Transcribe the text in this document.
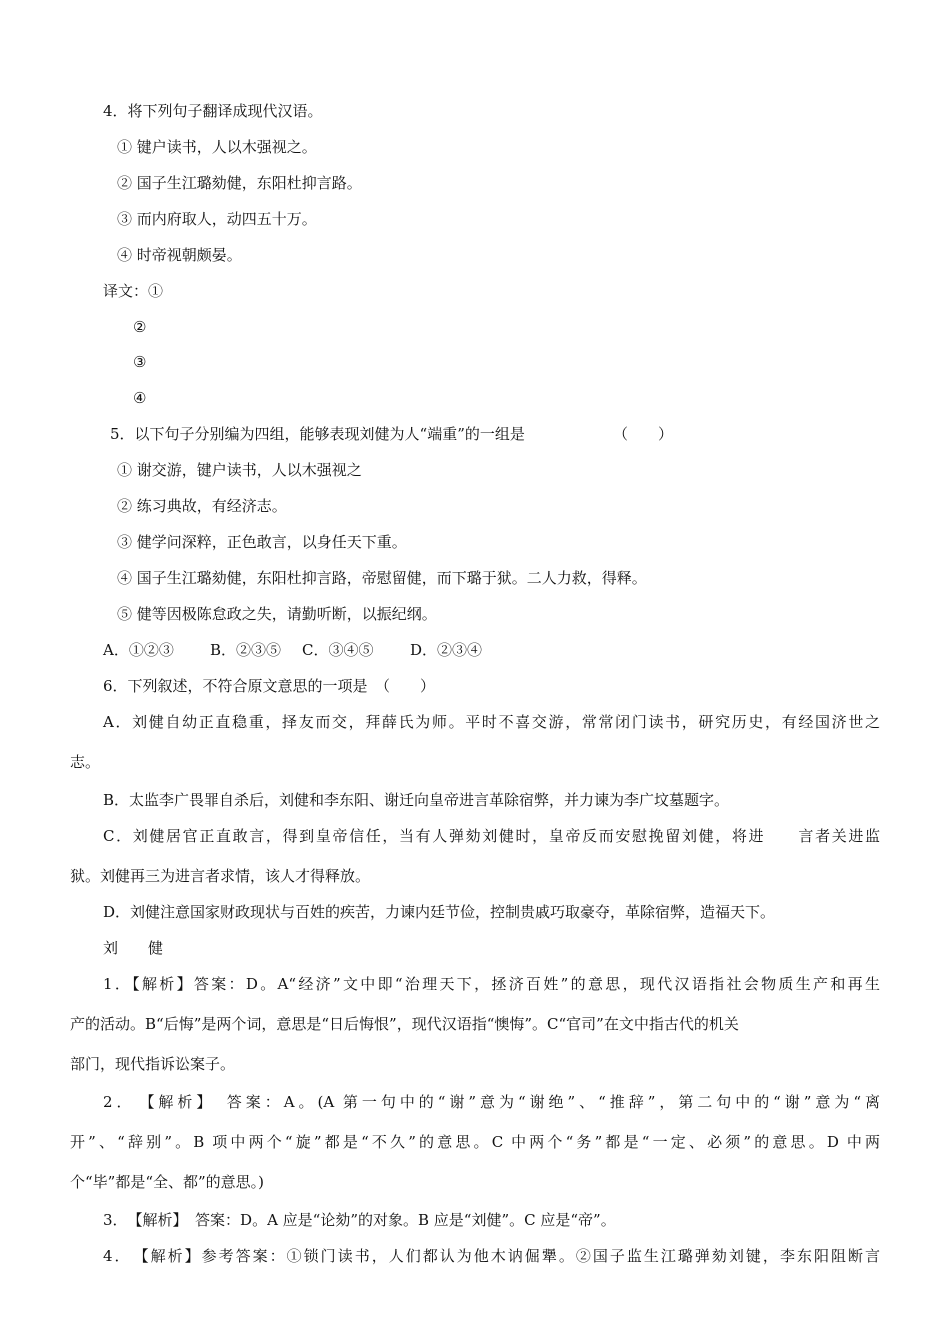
4．将下列句子翻译成现代汉语。
① 键户读书，人以木强视之。
② 国子生江璐劾健，东阳杜抑言路。
③ 而内府取人，动四五十万。
④ 时帝视朝颇晏。
译文：①
②
③
④
5．以下句子分别编为四组，能够表现刘健为人“端重”的一组是	（　　）
① 谢交游，键户读书，人以木强视之
② 练习典故，有经济志。
③ 健学问深粹，正色敢言，以身任天下重。
④ 国子生江璐劾健，东阳杜抑言路，帝慰留健，而下璐于狱。二人力救，得释。
⑤ 健等因极陈怠政之失，请勤听断，以振纪纲。
A．①②③ B．②③⑤ C．③④⑤ D．②③④
6．下列叙述，不符合原文意思的一项是　（　　）
A．刘健自幼正直稳重，择友而交，拜薛氏为师。平时不喜交游，常常闭门读书，研究历史，有经国济世之
志。
B．太监李广畏罪自杀后，刘健和李东阳、谢迁向皇帝进言革除宿弊，并力谏为李广坟墓题字。
C．刘健居官正直敢言，得到皇帝信任，当有人弹劾刘健时，皇帝反而安慰挽留刘健，将进　　言者关进监
狱。刘健再三为进言者求情，该人才得释放。
D．刘健注意国家财政现状与百姓的疾苦，力谏内廷节俭，控制贵戚巧取豪夺，革除宿弊，造福天下。
刘　　健
1．【解析】答案：D。A“经济”文中即“治理天下，拯济百姓”的意思，现代汉语指社会物质生产和再生
产的活动。B“后悔”是两个词，意思是“日后悔恨”，现代汉语指“懊悔”。C“官司”在文中指古代的机关
部门，现代指诉讼案子。
2．　【解析】　答案：A。(A 第一句中的“谢”意为“谢绝”、“推辞”，第二句中的“谢”意为“离
开”、“辞别”。B 项中两个“旋”都是“不久”的意思。C 中两个“务”都是“一定、必须”的意思。D 中两
个“毕”都是“全、都”的意思。)
3．　【解析】　答案：D。A 应是“论劾”的对象。B 应是“刘健”。C 应是“帝”。
4．　【解析】参考答案：①锁门读书，人们都认为他木讷倔犟。②国子监生江璐弹劾刘键，李东阳阻断言
